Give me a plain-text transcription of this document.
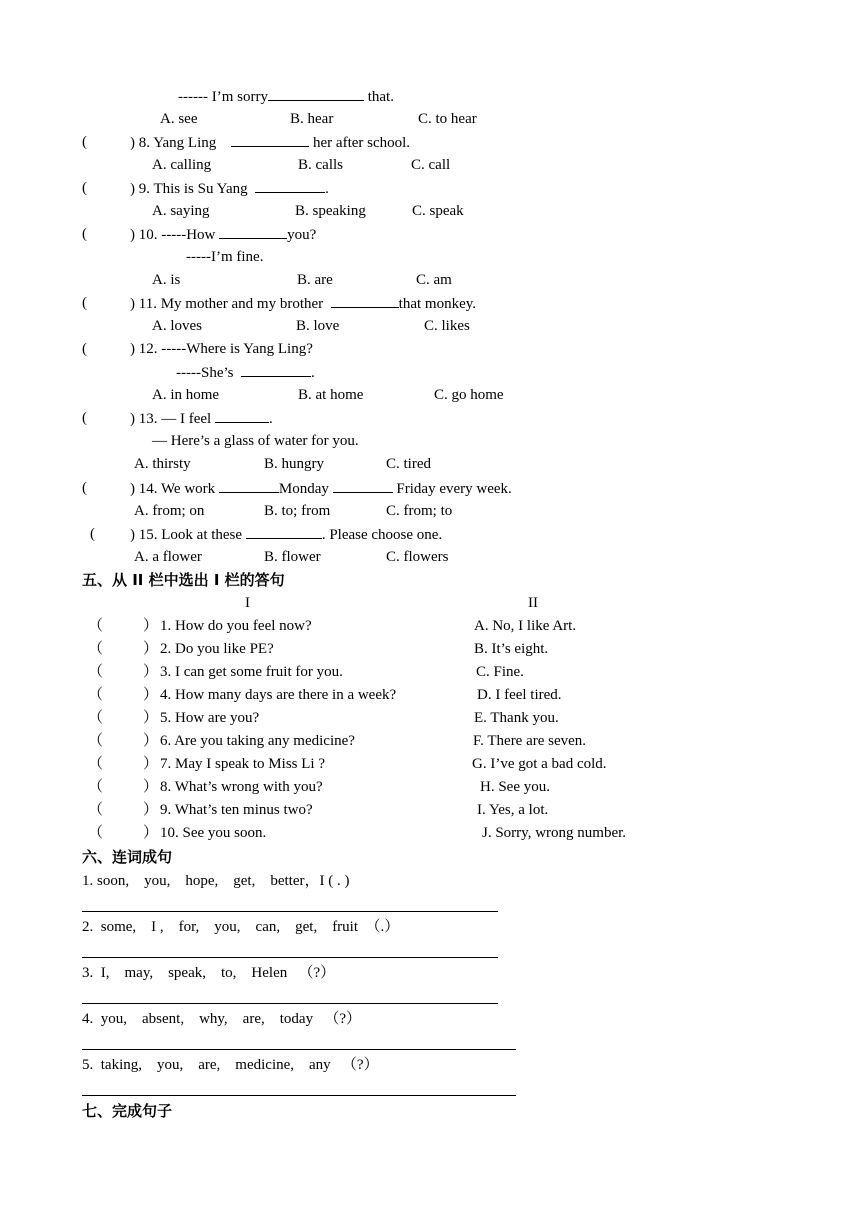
------ I’m sorry	that.
A. see	B. hear	C. to hear
(	) 8. Yang Ling	her after school.
A. calling	B. calls	C. call
(	) 9. This is Su Yang	.
A. saying	B. speaking	C. speak
(	) 10. -----How	you?
-----I’m fine.
A. is	B. are	C. am
(	) 11. My mother and my brother	that monkey.
A. loves	B. love	C. likes
(	) 12. -----Where is Yang Ling?
-----She’s	.
A. in home	B. at home	C. go home
(	) 13. — I feel	.
— Here’s a glass of water for you.
A. thirsty	B. hungry	C. tired
(	) 14. We work	Monday	Friday every week.
A. from; on	B. to; from	C. from; to
( ) 15. Look at these	. Please choose one.
A. a flower	B. flower	C. flowers
五、从 II 栏中选出 I 栏的答句
I	II
（	） 1. How do you feel now?	A. No, I like Art.
（	） 2. Do you like PE?	B. It’s eight.
（	） 3. I can get some fruit for you.	C. Fine.
（	） 4. How many days are there in a week?	D. I feel tired.
（	） 5. How are you?	E. Thank you.
（	） 6. Are you taking any medicine?	F. There are seven.
（	） 7. May I speak to Miss Li ?	G. I’ve got a bad cold.
（	） 8. What’s wrong with you?	H. See you.
（	） 9. What’s ten minus two?	I. Yes, a lot.
（	） 10. See you soon.	J. Sorry, wrong number.
六、连词成句
1. soon,    you,    hope,    get,    better，I ( . )
2.  some,    I ,    for,    you,    can,    get,    fruit  （.）
3.  I,    may,    speak,    to,    Helen   （?）
4.  you,    absent,    why,    are,    today   （?）
5.  taking,    you,    are,    medicine,    any   （?）
七、完成句子
